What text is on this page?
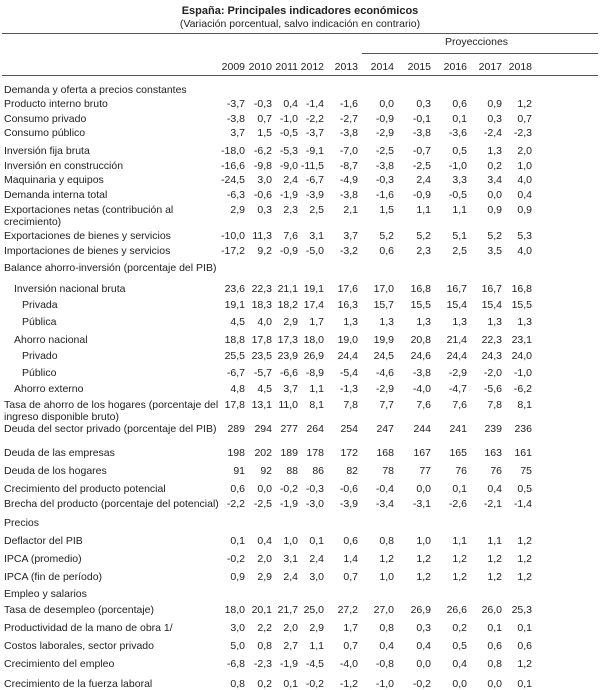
España: Principales indicadores económicos
(Variación porcentual, salvo indicación en contrario)
Proyecciones
2009 2010 2011 2012	2013	2014	2015	2016	2017 2018
Demanda y oferta a precios constantes
Producto interno bruto	-3,7 -0,3	0,4 -1,4	-1,6	0,0	0,3	0,6	0,9	1,2
Consumo privado	-3,8	0,7 -1,0 -2,2	-2,7	-0,9	-0,1	0,1	0,3	0,7
Consumo público	3,7	1,5 -0,5 -3,7	-3,8	-2,9	-3,8	-3,6	-2,4	-2,3
Inversión fija bruta	-18,0 -6,2 -5,3 -9,1	-7,0	-2,5	-0,7	0,5	1,3	2,0
Inversión en construcción	-16,6 -9,8 -9,0 -11,5	-8,7	-3,8	-2,5	-1,0	0,2	1,0
Maquinaria y equipos	-24,5	3,0	2,4 -6,7	-4,9	-0,3	2,4	3,3	3,4	4,0
Demanda interna total	-6,3 -0,6 -1,9 -3,9	-3,8	-1,6	-0,9	-0,5	0,0	0,4
Exportaciones netas (contribución al crecimiento)
2,9	0,3	2,3	2,5	2,1	1,5	1,1	1,1	0,9	0,9
Exportaciones de bienes y servicios	-10,0 11,3	7,6	3,1	3,7	5,2	5,2	5,1	5,2	5,3
Importaciones de bienes y servicios	-17,2	9,2 -0,9 -5,0	-3,2	0,6	2,3	2,5	3,5	4,0
Balance ahorro-inversión (porcentaje del PIB)
Inversión nacional bruta	23,6 22,3 21,1 19,1	17,6	17,0	16,8	16,7	16,7 16,8
Privada	19,1 18,3 18,2 17,4	16,3	15,7	15,5	15,4	15,4 15,5
Pública	4,5	4,0	2,9	1,7	1,3	1,3	1,3	1,3	1,3	1,3
Ahorro nacional	18,8 17,8 17,3 18,0	19,0	19,9	20,8	21,4	22,3 23,1
Privado	25,5 23,5 23,9 26,9	24,4	24,5	24,6	24,4	24,3 24,0
Público	-6,7 -5,7 -6,6 -8,9	-5,4	-4,6	-3,8	-2,9	-2,0	-1,0
Ahorro externo	4,8	4,5	3,7	1,1	-1,3	-2,9	-4,0	-4,7	-5,6	-6,2
Tasa de ahorro de los hogares (porcentaje del ingreso disponible bruto)
17,8 13,1 11,0	8,1	7,8	7,7	7,6	7,6	7,8	8,1
Deuda del sector privado (porcentaje del PIB)	289 294 277 264	254	247	244	241	239	236
Deuda de las empresas	198 202 189 178	172	168	167	165	163	161
Deuda de los hogares	91	92	88	86	82	78	77	76	76	75
Crecimiento del producto potencial	0,6	0,0 -0,2 -0,3	-0,6	-0,4	0,0	0,1	0,4	0,5
Brecha del producto (porcentaje del potencial) -2,2 -2,5 -1,9 -3,0	-3,9	-3,4	-3,1	-2,6	-2,1	-1,4
Precios
Deflactor del PIB	0,1	0,4	1,0	0,1	0,6	0,8	1,0	1,1	1,1	1,2
IPCA (promedio)	-0,2	2,0	3,1	2,4	1,4	1,2	1,2	1,2	1,2	1,2
IPCA (fin de período)	0,9	2,9	2,4	3,0	0,7	1,0	1,2	1,2	1,2	1,2
Empleo y salarios
Tasa de desempleo (porcentaje)	18,0 20,1 21,7 25,0	27,2	27,0	26,9	26,6	26,0 25,3
Productividad de la mano de obra 1/	3,0	2,2	2,0	2,9	1,7	0,8	0,3	0,2	0,1	0,1
Costos laborales, sector privado	5,0	0,8	2,7	1,1	0,7	0,4	0,4	0,5	0,6	0,6
Crecimiento del empleo	-6,8 -2,3 -1,9 -4,5	-4,0	-0,8	0,0	0,4	0,8	1,2
Crecimiento de la fuerza laboral	0,8	0,2	0,1 -0,2	-1,2	-1,0	-0,2	0,0	0,0	0,1
